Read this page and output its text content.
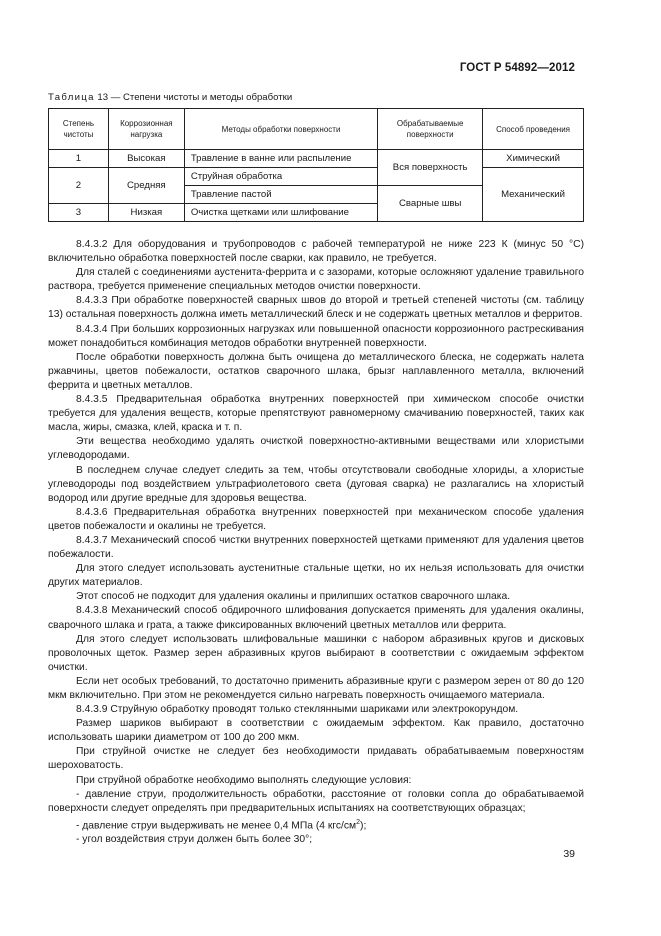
ГОСТ Р 54892—2012
Таблица 13 — Степени чистоты и методы обработки
Степень чистоты	Коррозионная нагрузка	Методы обработки поверхности	Обрабатываемые поверхности	Способ проведения
1	Высокая	Травление в ванне или распыление	Вся поверхность	Химический
2	Средняя	Струйная обработка		Механический
		Травление пастой	Сварные швы	
3	Низкая	Очистка щетками или шлифование		

8.4.3.2 Для оборудования и трубопроводов с рабочей температурой не ниже 223 К (минус 50 °С) включительно обработка поверхностей после сварки, как правило, не требуется.

Для сталей с соединениями аустенита-феррита и с зазорами, которые осложняют удаление травильного раствора, требуется применение специальных методов очистки поверхности.

8.4.3.3 При обработке поверхностей сварных швов до второй и третьей степеней чистоты (см. таблицу 13) остальная поверхность должна иметь металлический блеск и не содержать цветных металлов и ферритов.

8.4.3.4 При больших коррозионных нагрузках или повышенной опасности коррозионного растрескивания может понадобиться комбинация методов обработки внутренней поверхности.

После обработки поверхность должна быть очищена до металлического блеска, не содержать налета ржавчины, цветов побежалости, остатков сварочного шлака, брызг наплавленного металла, включений феррита и цветных металлов.

8.4.3.5 Предварительная обработка внутренних поверхностей при химическом способе очистки требуется для удаления веществ, которые препятствуют равномерному смачиванию поверхностей, таких как масла, жиры, смазка, клей, краска и т. п.

Эти вещества необходимо удалять очисткой поверхностно-активными веществами или хлористыми углеводородами.

В последнем случае следует следить за тем, чтобы отсутствовали свободные хлориды, а хлористые углеводороды под воздействием ультрафиолетового света (дуговая сварка) не разлагались на хлористый водород или другие вредные для здоровья вещества.

8.4.3.6 Предварительная обработка внутренних поверхностей при механическом способе удаления цветов побежалости и окалины не требуется.

8.4.3.7 Механический способ чистки внутренних поверхностей щетками применяют для удаления цветов побежалости.

Для этого следует использовать аустенитные стальные щетки, но их нельзя использовать для очистки других материалов.

Этот способ не подходит для удаления окалины и прилипших остатков сварочного шлака.

8.4.3.8 Механический способ обдирочного шлифования допускается применять для удаления окалины, сварочного шлака и грата, а также фиксированных включений цветных металлов или феррита.

Для этого следует использовать шлифовальные машинки с набором абразивных кругов и дисковых проволочных щеток. Размер зерен абразивных кругов выбирают в соответствии с ожидаемым эффектом очистки.

Если нет особых требований, то достаточно применить абразивные круги с размером зерен от 80 до 120 мкм включительно. При этом не рекомендуется сильно нагревать поверхность очищаемого материала.

8.4.3.9 Струйную обработку проводят только стеклянными шариками или электрокорундом.

Размер шариков выбирают в соответствии с ожидаемым эффектом. Как правило, достаточно использовать шарики диаметром от 100 до 200 мкм.

При струйной очистке не следует без необходимости придавать обрабатываемым поверхностям шероховатость.

При струйной обработке необходимо выполнять следующие условия:

- давление струи, продолжительность обработки, расстояние от головки сопла до обрабатываемой поверхности следует определять при предварительных испытаниях на соответствующих образцах;

- давление струи выдерживать не менее 0,4 МПа (4 кгс/$см^2$);

- угол воздействия струи должен быть более 30°;

39
